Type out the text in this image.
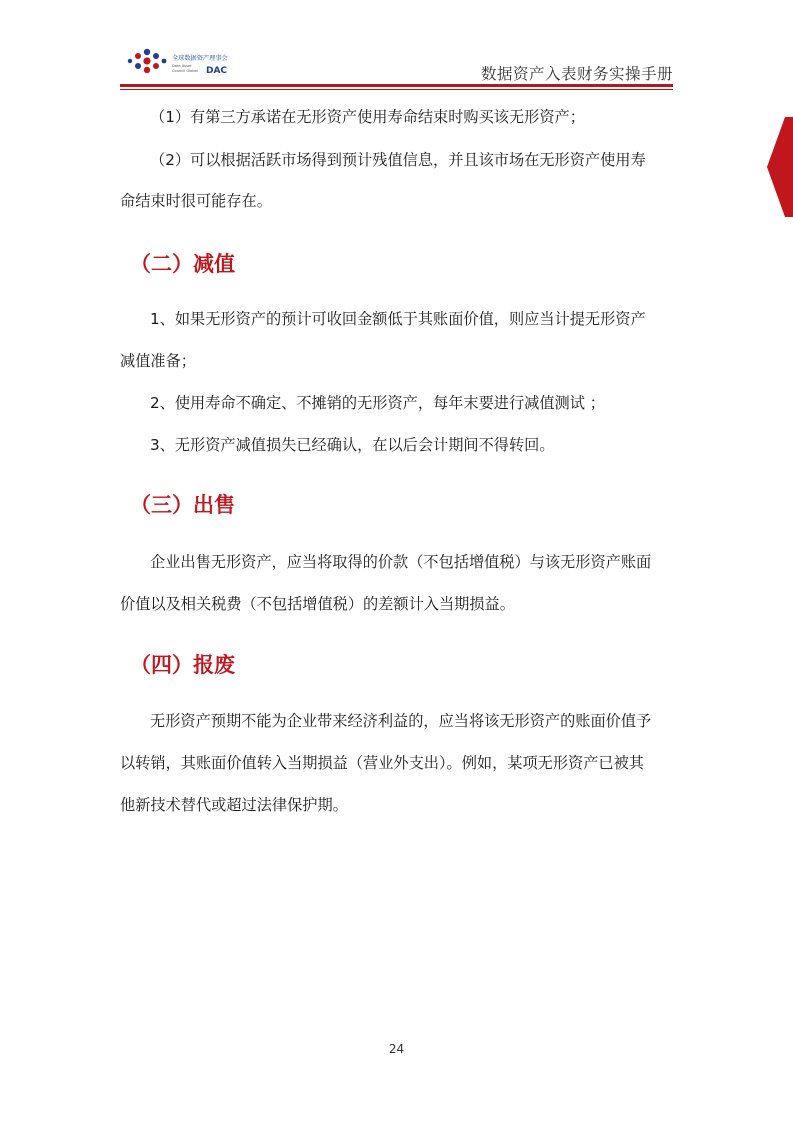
全球数据资产理事会
Data Asset
Council Global DAC	数据资产入表财务实操手册

（1）有第三方承诺在无形资产使用寿命结束时购买该无形资产；

（2）可以根据活跃市场得到预计残值信息，并且该市场在无形资产使用寿

命结束时很可能存在。

（二）减值

1、如果无形资产的预计可收回金额低于其账面价值，则应当计提无形资产

减值准备；

2、使用寿命不确定、不摊销的无形资产，每年末要进行减值测试 ；

3、无形资产减值损失已经确认，在以后会计期间不得转回。

（三）出售

企业出售无形资产，应当将取得的价款（不包括增值税）与该无形资产账面

价值以及相关税费（不包括增值税）的差额计入当期损益。

（四）报废

无形资产预期不能为企业带来经济利益的，应当将该无形资产的账面价值予

以转销，其账面价值转入当期损益（营业外支出）。例如，某项无形资产已被其

他新技术替代或超过法律保护期。

24
